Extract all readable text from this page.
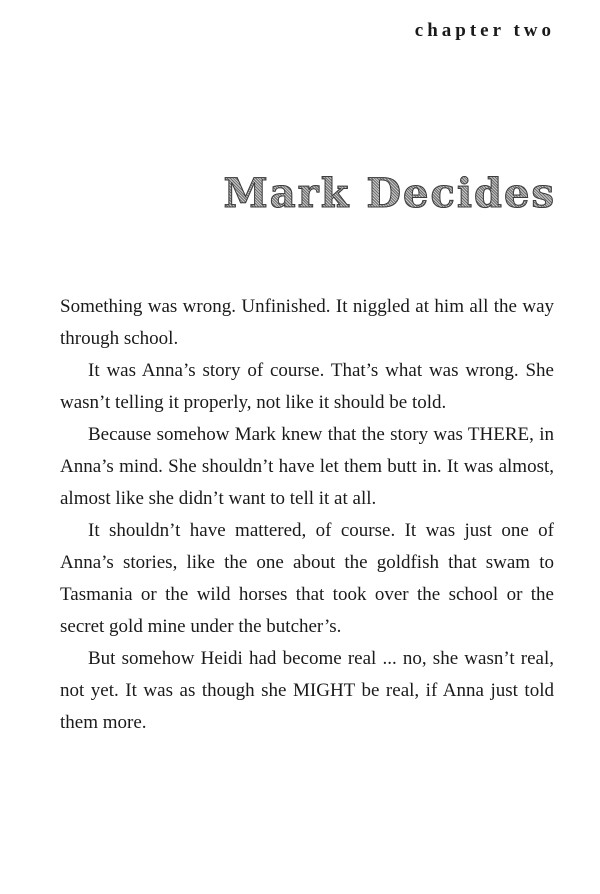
chapter two
Mark Decides

Something was wrong. Unfinished. It niggled at him all the way through school.

It was Anna’s story of course. That’s what was wrong. She wasn’t telling it properly, not like it should be told.

Because somehow Mark knew that the story was THERE, in Anna’s mind. She shouldn’t have let them butt in. It was almost, almost like she didn’t want to tell it at all.

It shouldn’t have mattered, of course. It was just one of Anna’s stories, like the one about the goldfish that swam to Tasmania or the wild horses that took over the school or the secret gold mine under the butcher’s.

But somehow Heidi had become real ... no, she wasn’t real, not yet. It was as though she MIGHT be real, if Anna just told them more.
